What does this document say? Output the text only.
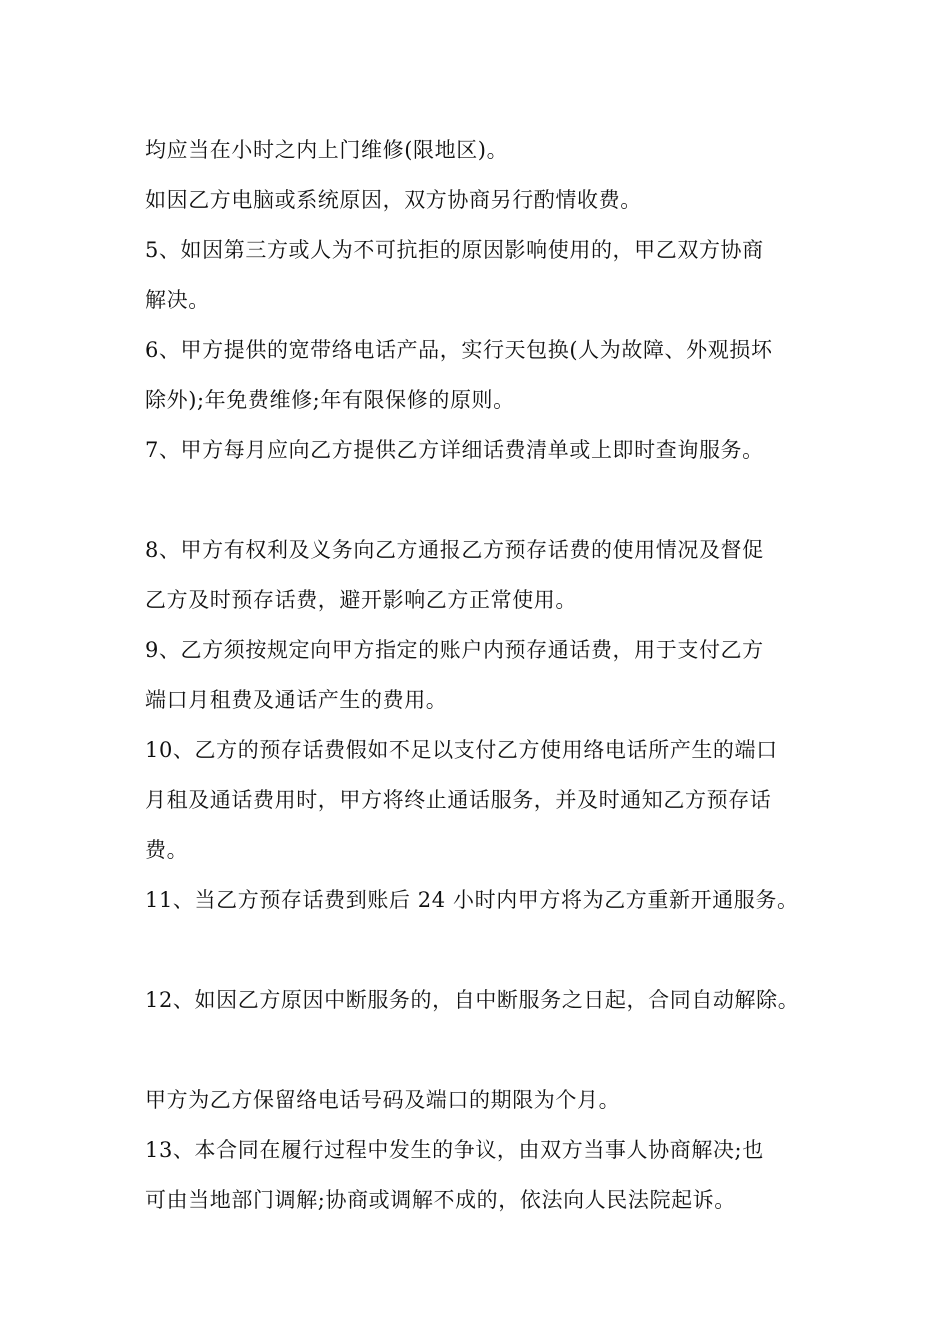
均应当在小时之内上门维修(限地区)。
如因乙方电脑或系统原因，双方协商另行酌情收费。
5、如因第三方或人为不可抗拒的原因影响使用的，甲乙双方协商
解决。
6、甲方提供的宽带络电话产品，实行天包换(人为故障、外观损坏
除外);年免费维修;年有限保修的原则。
7、甲方每月应向乙方提供乙方详细话费清单或上即时查询服务。
8、甲方有权利及义务向乙方通报乙方预存话费的使用情况及督促
乙方及时预存话费，避开影响乙方正常使用。
9、乙方须按规定向甲方指定的账户内预存通话费，用于支付乙方
端口月租费及通话产生的费用。
10、乙方的预存话费假如不足以支付乙方使用络电话所产生的端口
月租及通话费用时，甲方将终止通话服务，并及时通知乙方预存话
费。
11、当乙方预存话费到账后 24 小时内甲方将为乙方重新开通服务。
12、如因乙方原因中断服务的，自中断服务之日起，合同自动解除。
甲方为乙方保留络电话号码及端口的期限为个月。
13、本合同在履行过程中发生的争议，由双方当事人协商解决;也
可由当地部门调解;协商或调解不成的，依法向人民法院起诉。
